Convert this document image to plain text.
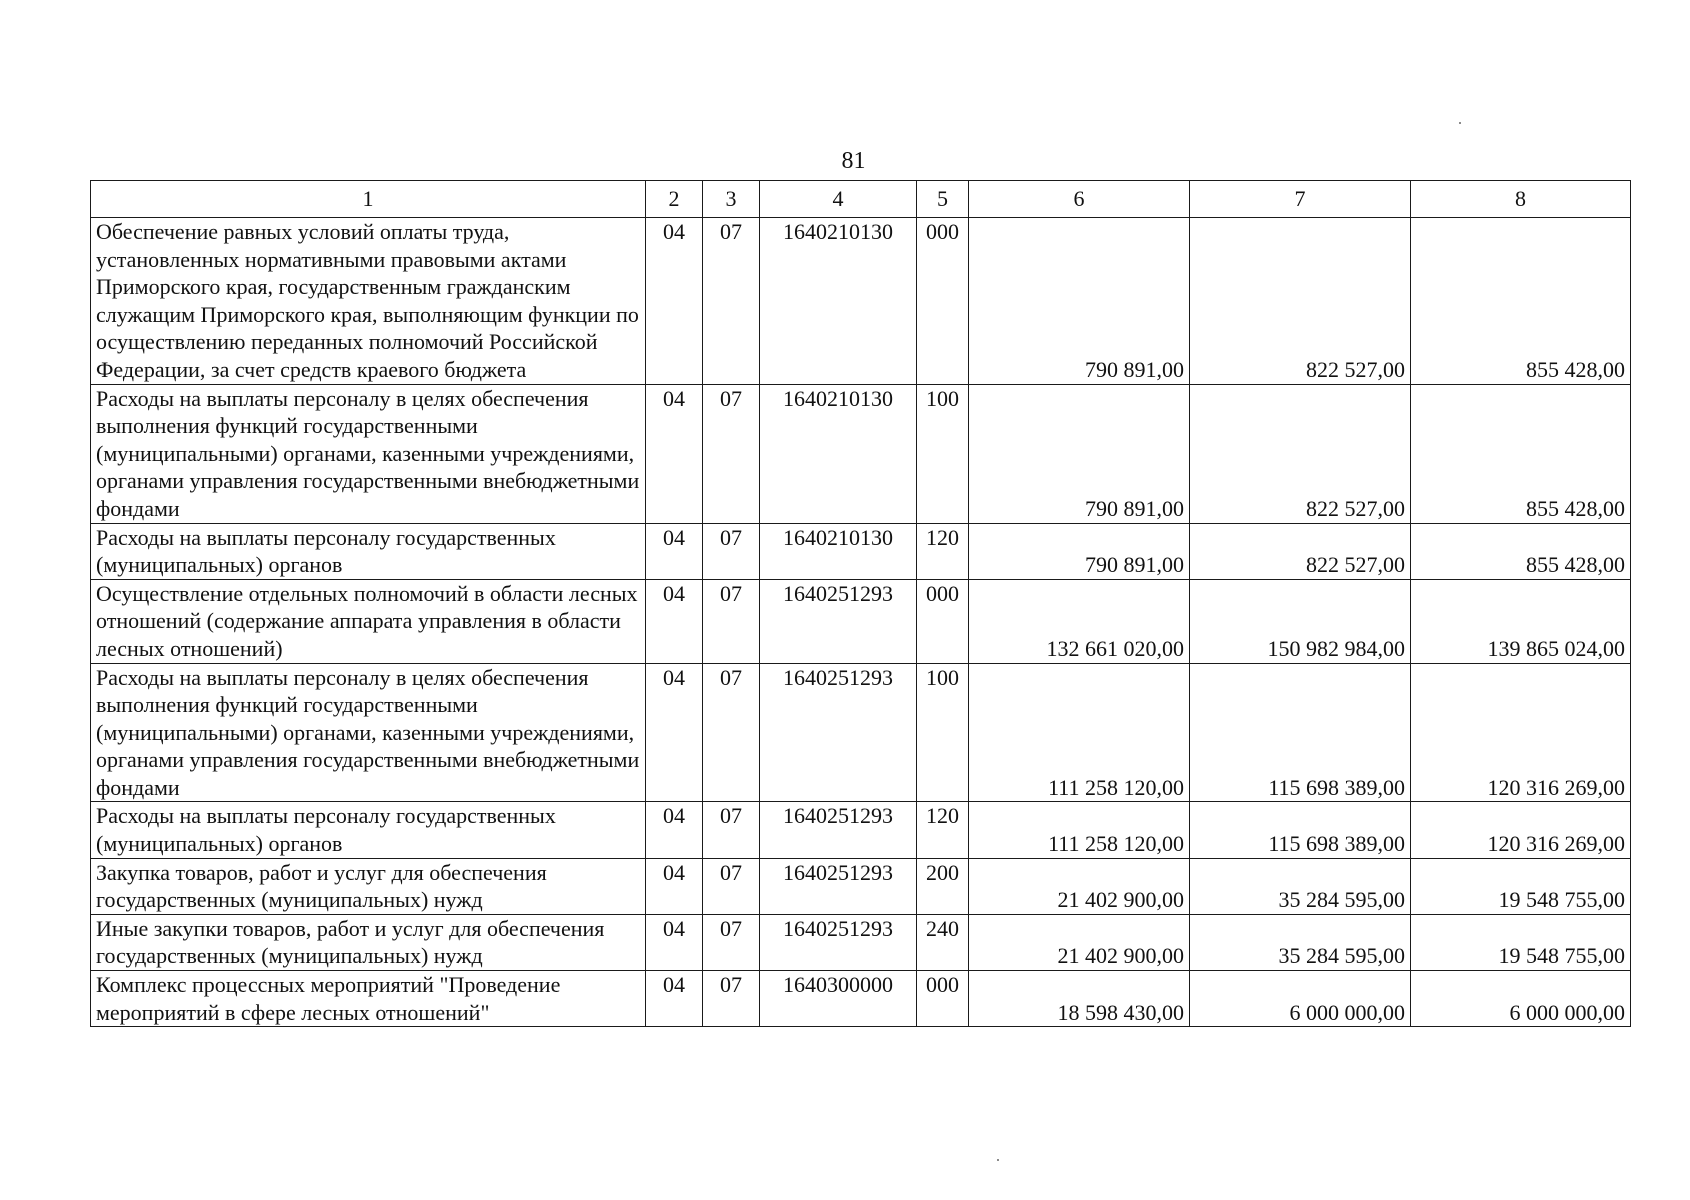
81
1	2	3	4	5	6	7	8
Обеспечение равных условий оплаты труда, установленных нормативными правовыми актами Приморского края, государственным гражданским служащим Приморского края, выполняющим функции по осуществлению переданных полномочий Российской Федерации, за счет средств краевого бюджета	04	07	1640210130	000	790 891,00	822 527,00	855 428,00
Расходы на выплаты персоналу в целях обеспечения выполнения функций государственными (муниципальными) органами, казенными учреждениями, органами управления государственными внебюджетными фондами	04	07	1640210130	100	790 891,00	822 527,00	855 428,00
Расходы на выплаты персоналу государственных (муниципальных) органов	04	07	1640210130	120	790 891,00	822 527,00	855 428,00
Осуществление отдельных полномочий в области лесных отношений (содержание аппарата управления в области лесных отношений)	04	07	1640251293	000	132 661 020,00	150 982 984,00	139 865 024,00
Расходы на выплаты персоналу в целях обеспечения выполнения функций государственными (муниципальными) органами, казенными учреждениями, органами управления государственными внебюджетными фондами	04	07	1640251293	100	111 258 120,00	115 698 389,00	120 316 269,00
Расходы на выплаты персоналу государственных (муниципальных) органов	04	07	1640251293	120	111 258 120,00	115 698 389,00	120 316 269,00
Закупка товаров, работ и услуг для обеспечения государственных (муниципальных) нужд	04	07	1640251293	200	21 402 900,00	35 284 595,00	19 548 755,00
Иные закупки товаров, работ и услуг для обеспечения государственных (муниципальных) нужд	04	07	1640251293	240	21 402 900,00	35 284 595,00	19 548 755,00
Комплекс процессных мероприятий "Проведение мероприятий в сфере лесных отношений"	04	07	1640300000	000	18 598 430,00	6 000 000,00	6 000 000,00
